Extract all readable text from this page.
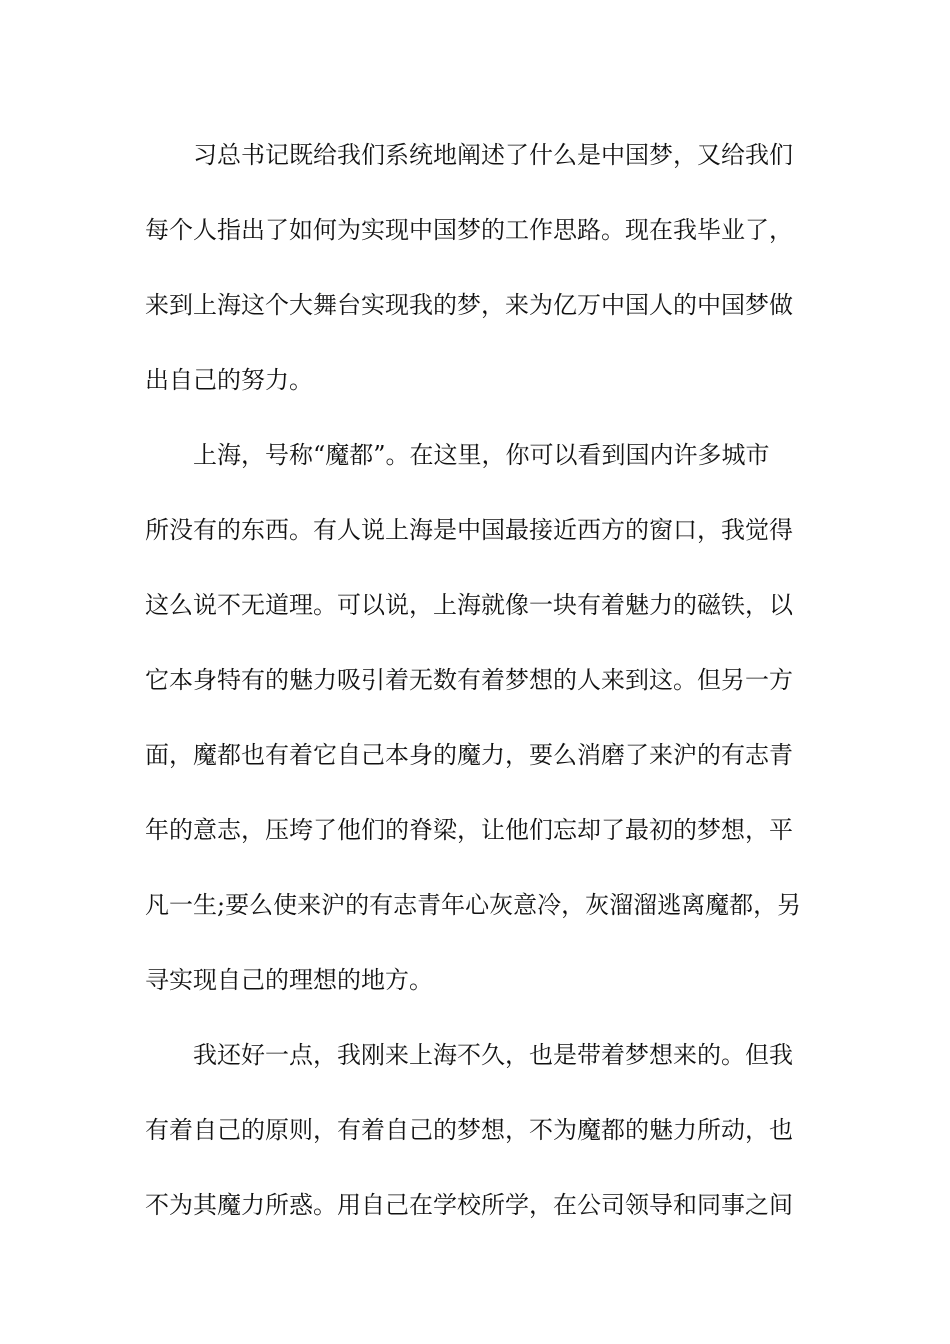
习总书记既给我们系统地阐述了什么是中国梦，又给我们
每个人指出了如何为实现中国梦的工作思路。现在我毕业了，
来到上海这个大舞台实现我的梦，来为亿万中国人的中国梦做
出自己的努力。
上海，号称“魔都”。在这里，你可以看到国内许多城市
所没有的东西。有人说上海是中国最接近西方的窗口，我觉得
这么说不无道理。可以说，上海就像一块有着魅力的磁铁，以
它本身特有的魅力吸引着无数有着梦想的人来到这。但另一方
面，魔都也有着它自己本身的魔力，要么消磨了来沪的有志青
年的意志，压垮了他们的脊梁，让他们忘却了最初的梦想，平
凡一生;要么使来沪的有志青年心灰意冷，灰溜溜逃离魔都，另
寻实现自己的理想的地方。
我还好一点，我刚来上海不久，也是带着梦想来的。但我
有着自己的原则，有着自己的梦想，不为魔都的魅力所动，也
不为其魔力所惑。用自己在学校所学，在公司领导和同事之间
